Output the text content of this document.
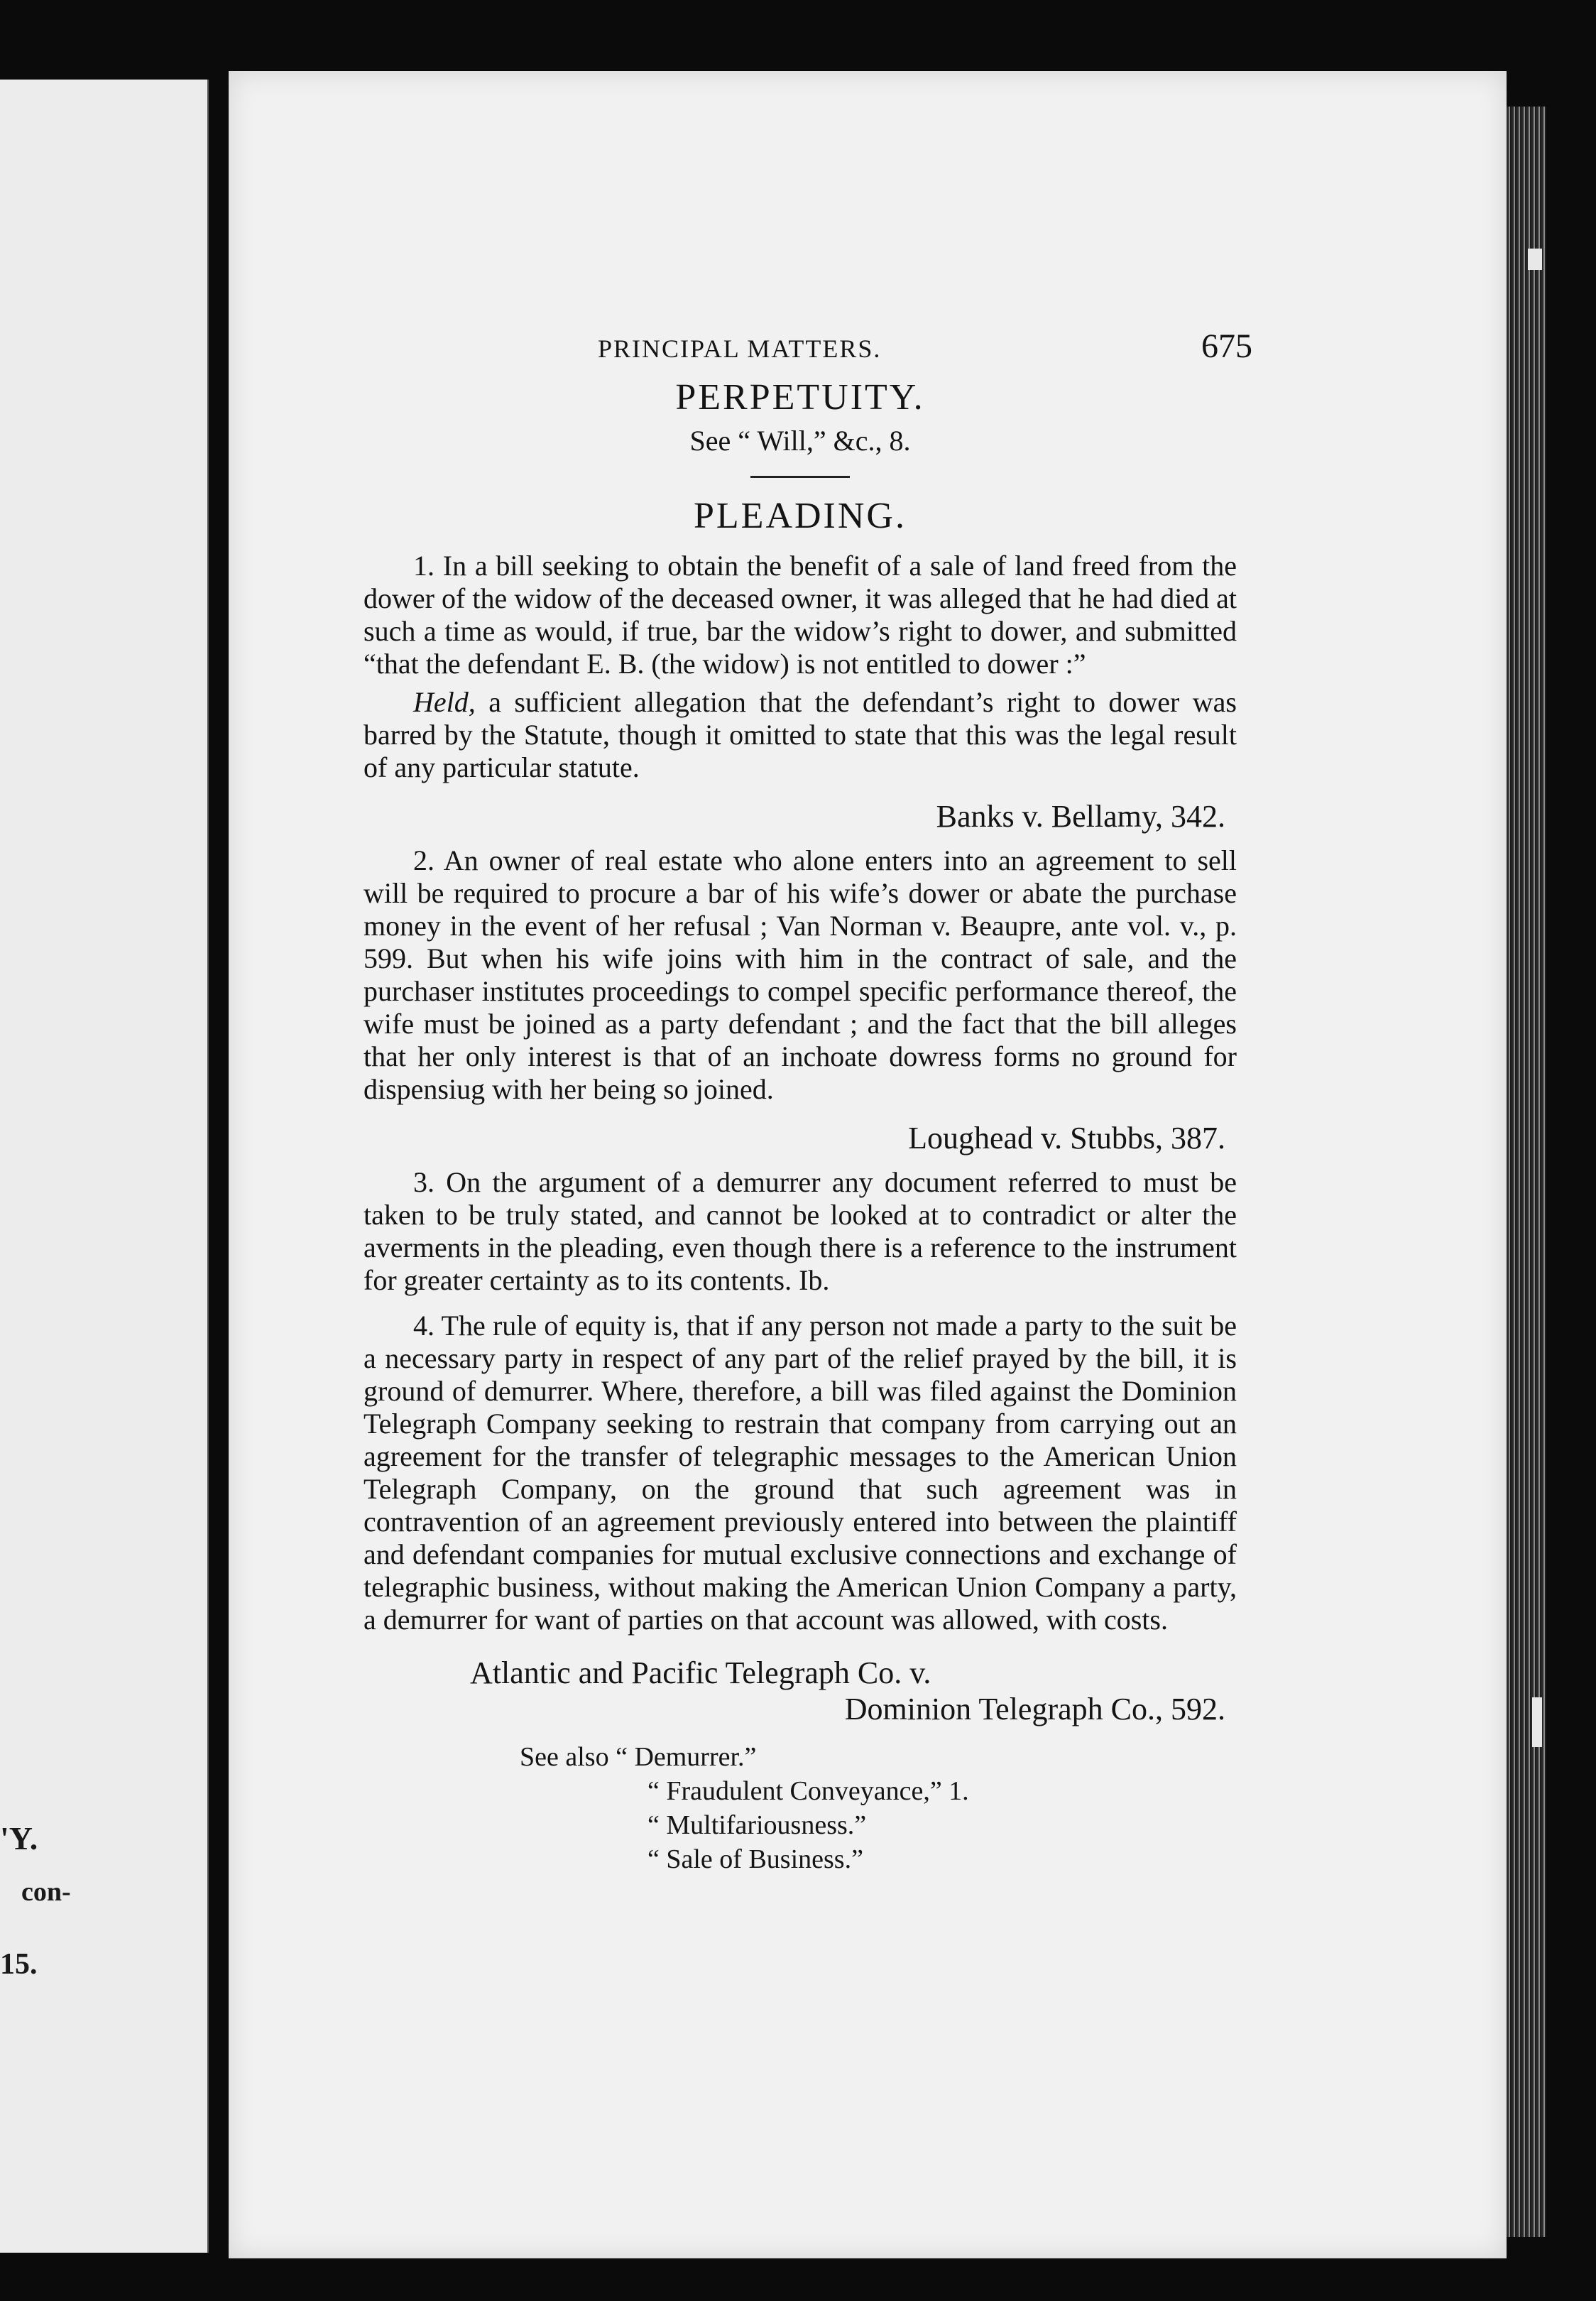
'Y.
con-
15.
PRINCIPAL MATTERS.	675
PERPETUITY.
See “ Will,” &c., 8.
PLEADING.

1. In a bill seeking to obtain the benefit of a sale of land freed from the dower of the widow of the deceased owner, it was alleged that he had died at such a time as would, if true, bar the widow’s right to dower, and submitted “that the defendant E. B. (the widow) is not entitled to dower :”

Held, a sufficient allegation that the defendant’s right to dower was barred by the Statute, though it omitted to state that this was the legal result of any particular statute.

Banks v. Bellamy, 342.

2. An owner of real estate who alone enters into an agreement to sell will be required to procure a bar of his wife’s dower or abate the purchase money in the event of her refusal ; Van Norman v. Beaupre, ante vol. v., p. 599. But when his wife joins with him in the contract of sale, and the purchaser institutes proceedings to compel specific performance thereof, the wife must be joined as a party defendant ; and the fact that the bill alleges that her only interest is that of an inchoate dowress forms no ground for dispensiug with her being so joined.

Loughead v. Stubbs, 387.

3. On the argument of a demurrer any document referred to must be taken to be truly stated, and cannot be looked at to contradict or alter the averments in the pleading, even though there is a reference to the instrument for greater certainty as to its contents. Ib.

4. The rule of equity is, that if any person not made a party to the suit be a necessary party in respect of any part of the relief prayed by the bill, it is ground of demurrer. Where, therefore, a bill was filed against the Dominion Telegraph Company seeking to restrain that company from carrying out an agreement for the transfer of telegraphic messages to the American Union Telegraph Company, on the ground that such agreement was in contravention of an agreement previously entered into between the plaintiff and defendant companies for mutual exclusive connections and exchange of telegraphic business, without making the American Union Company a party, a demurrer for want of parties on that account was allowed, with costs.

Atlantic and Pacific Telegraph Co. v.
Dominion Telegraph Co., 592.
See also “ Demurrer.”
“ Fraudulent Conveyance,” 1.
“ Multifariousness.”
“ Sale of Business.”
